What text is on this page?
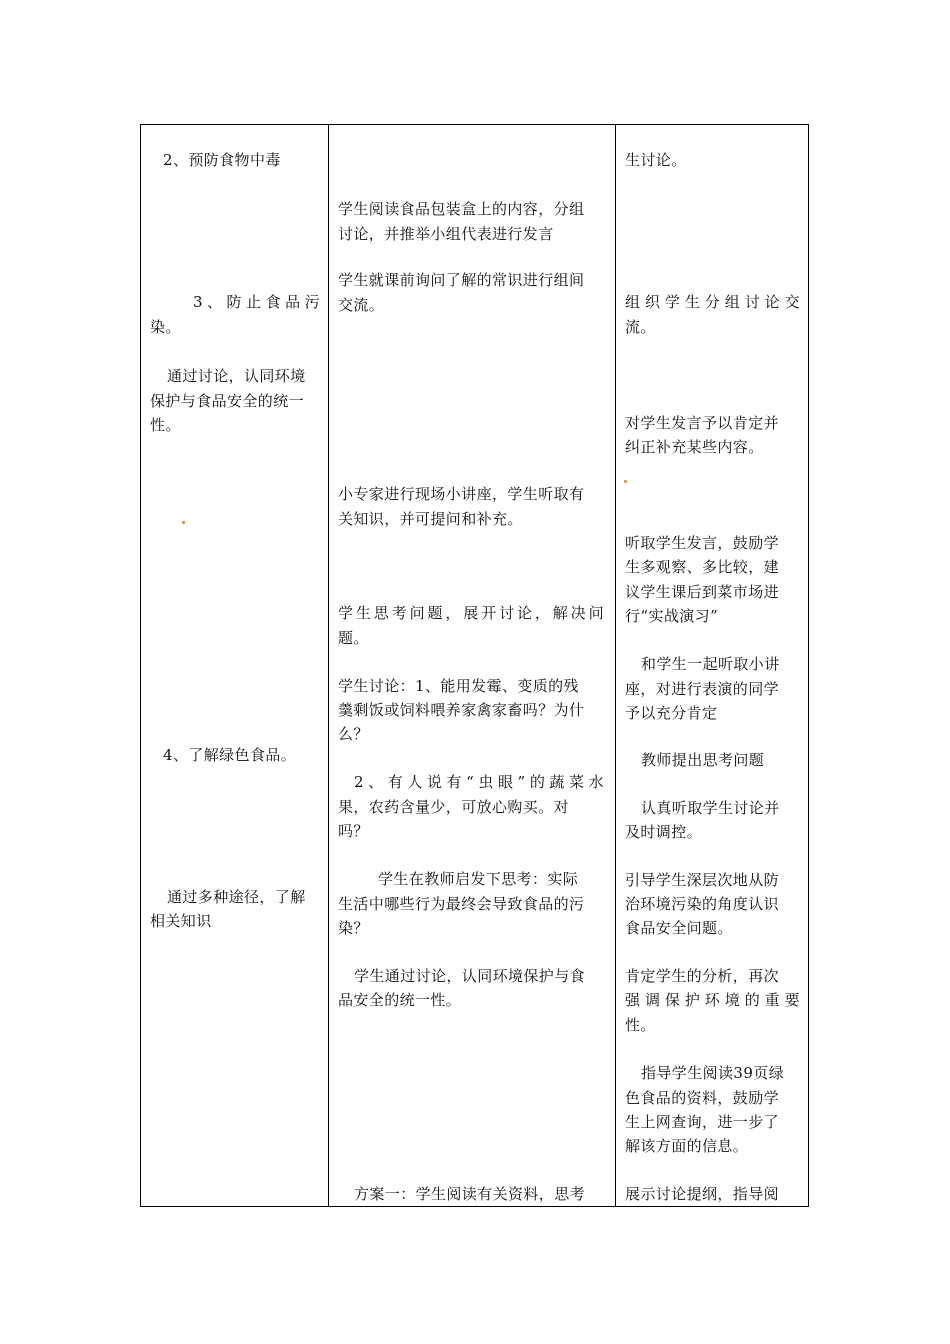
2、预防食物中毒
3、防止食品污
染。
通过讨论，认同环境
保护与食品安全的统一
性。
4、了解绿色食品。
通过多种途径，了解
相关知识
学生阅读食品包装盒上的内容，分组
讨论，并推举小组代表进行发言
学生就课前询问了解的常识进行组间
交流。
小专家进行现场小讲座，学生听取有
关知识，并可提问和补充。
学生思考问题，展开讨论，解决问
题。
学生讨论：1、能用发霉、变质的残
羹剩饭或饲料喂养家禽家畜吗？为什
么？
2、有人说有“虫眼”的蔬菜水
果，农药含量少，可放心购买。对
吗？
学生在教师启发下思考：实际
生活中哪些行为最终会导致食品的污
染？
学生通过讨论，认同环境保护与食
品安全的统一性。
方案一：学生阅读有关资料，思考
生讨论。
组织学生分组讨论交
流。
对学生发言予以肯定并
纠正补充某些内容。
听取学生发言，鼓励学
生多观察、多比较，建
议学生课后到菜市场进
行“实战演习”
和学生一起听取小讲
座，对进行表演的同学
予以充分肯定
教师提出思考问题
认真听取学生讨论并
及时调控。
引导学生深层次地从防
治环境污染的角度认识
食品安全问题。
肯定学生的分析，再次
强调保护环境的重要
性。
指导学生阅读39页绿
色食品的资料，鼓励学
生上网查询，进一步了
解该方面的信息。
展示讨论提纲，指导阅
